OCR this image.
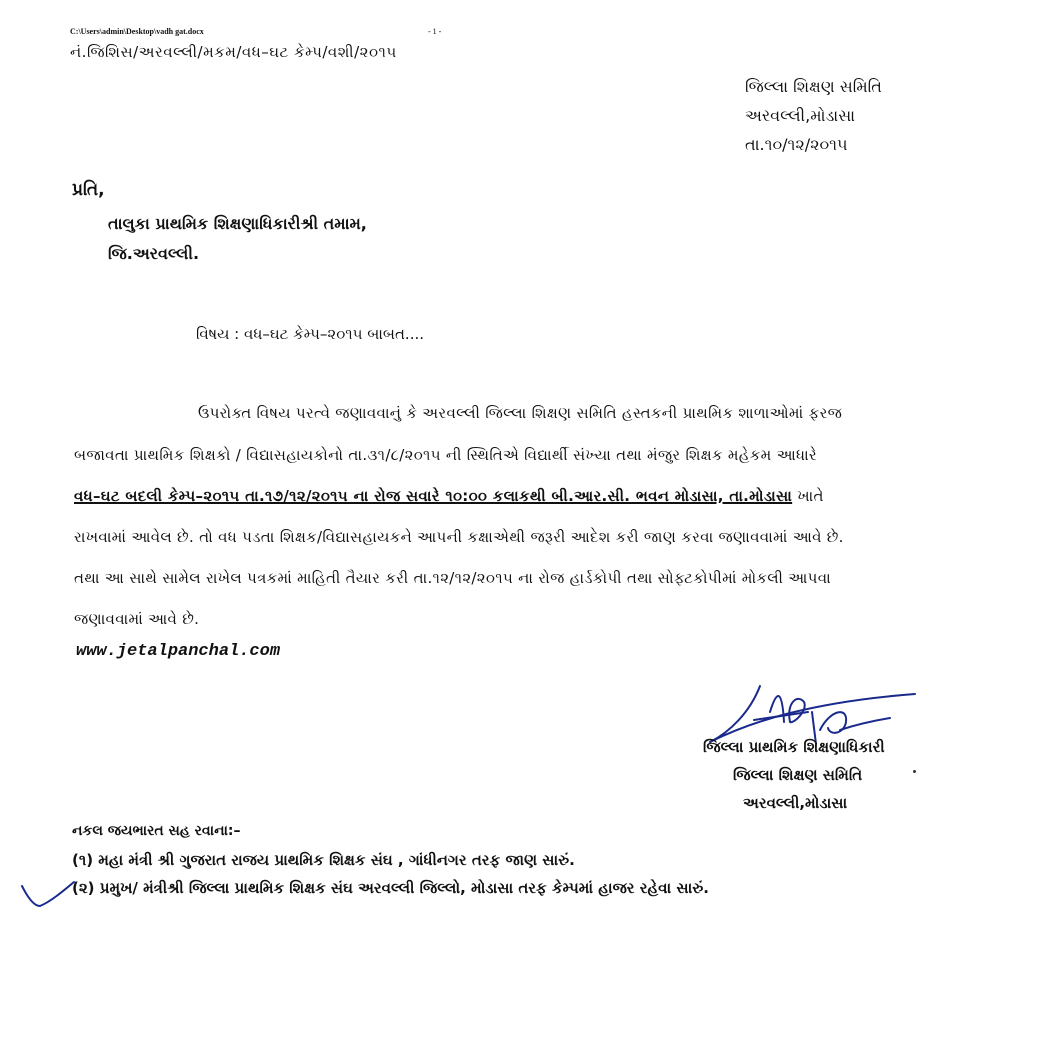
C:\Users\admin\Desktop\vadh gat.docx	- 1 -
નં.જિશિસ/અરવલ્લી/મકમ/વધ–ઘટ કેમ્પ/વશી/૨૦૧૫
જિલ્લા શિક્ષણ સમિતિ
અરવલ્લી,મોડાસા
તા.૧૦/૧૨/૨૦૧૫
પ્રતિ,
તાલુકા પ્રાથમિક શિક્ષણાધિકારીશ્રી તમામ,
જિ.અરવલ્લી.
વિષય : વધ–ઘટ કેમ્પ–૨૦૧૫ બાબત....
ઉપરોક્ત વિષય પરત્વે જણાવવાનું કે અરવલ્લી જિલ્લા શિક્ષણ સમિતિ હસ્તકની પ્રાથમિક શાળાઓમાં ફરજ
બજાવતા પ્રાથમિક શિક્ષકો / વિદ્યાસહાયકોનો તા.૩૧/૮/૨૦૧૫ ની સ્થિતિએ વિદ્યાર્થી સંખ્યા તથા મંજુર શિક્ષક મહેકમ આધારે
વધ–ઘટ બદલી કેમ્પ–૨૦૧૫ તા.૧૭/૧૨/૨૦૧૫ ના રોજ સવારે ૧૦:૦૦ કલાકથી બી.આર.સી. ભવન મોડાસા, તા.મોડાસા ખાતે
રાખવામાં આવેલ છે. તો વધ પડતા શિક્ષક/વિદ્યાસહાયકને આપની કક્ષાએથી જરૂરી આદેશ કરી જાણ કરવા જણાવવામાં આવે છે.
તથા આ સાથે સામેલ રાખેલ પત્રકમાં માહિતી તૈયાર કરી તા.૧૨/૧૨/૨૦૧૫ ના રોજ હાર્ડકોપી તથા સોફ્ટકોપીમાં મોકલી આપવા
જણાવવામાં આવે છે.
www.jetalpanchal.com
જિલ્લા પ્રાથમિક શિક્ષણાધિકારી
જિલ્લા શિક્ષણ સમિતિ
અરવલ્લી,મોડાસા
નકલ જયભારત સહ રવાના:–
(૧) મહા મંત્રી શ્રી ગુજરાત રાજય પ્રાથમિક શિક્ષક સંઘ , ગાંધીનગર તરફ જાણ સારું.
(૨) પ્રમુખ/ મંત્રીશ્રી જિલ્લા પ્રાથમિક શિક્ષક સંઘ અરવલ્લી જિલ્લો, મોડાસા તરફ કેમ્પમાં હાજર રહેવા સારું.
